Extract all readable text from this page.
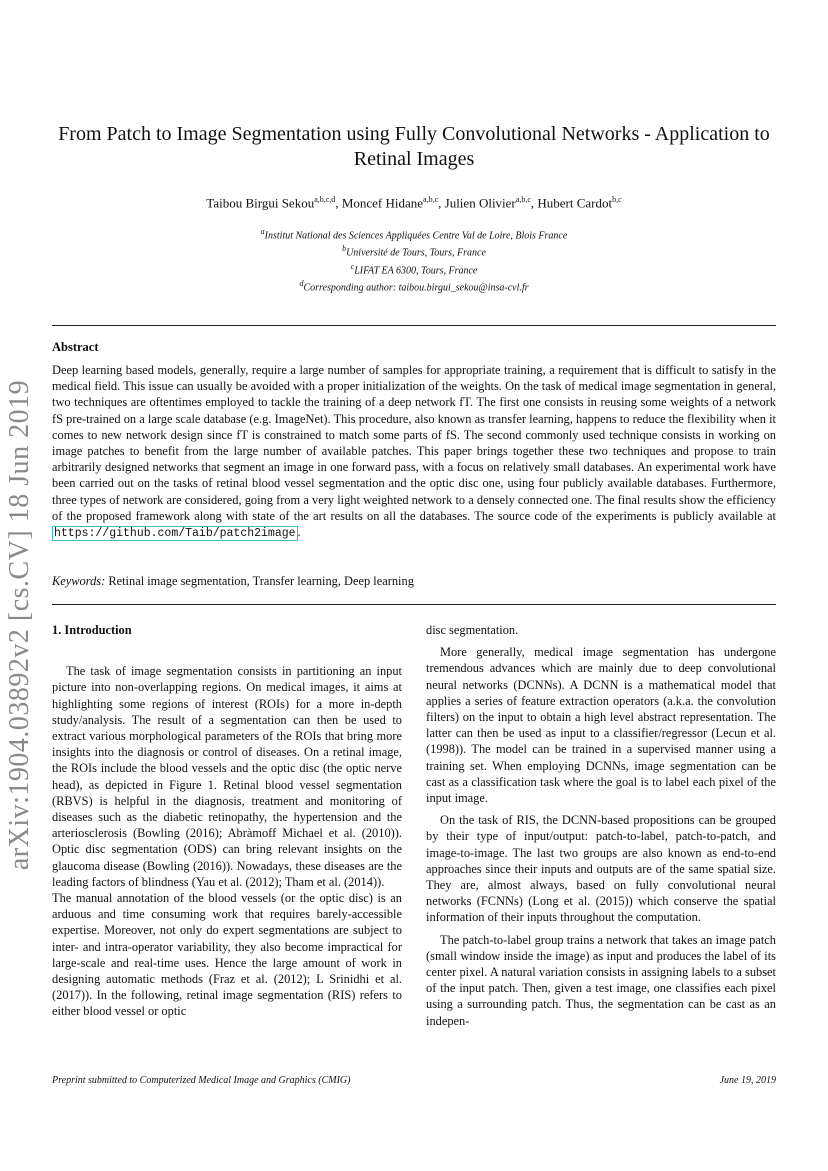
arXiv:1904.03892v2 [cs.CV] 18 Jun 2019
From Patch to Image Segmentation using Fully Convolutional Networks - Application to Retinal Images
Taibou Birgui Sekou$^{a,b,c,d}$, Moncef Hidane$^{a,b,c}$, Julien Olivier$^{a,b,c}$, Hubert Cardot$^{b,c}$
$^a$Institut National des Sciences Appliquées Centre Val de Loire, Blois France
$^b$Université de Tours, Tours, France
$^c$LIFAT EA 6300, Tours, France
$^d$Corresponding author: taibou.birgui_sekou@insa-cvl.fr
Abstract
Deep learning based models, generally, require a large number of samples for appropriate training, a requirement that is difficult to satisfy in the medical field. This issue can usually be avoided with a proper initialization of the weights. On the task of medical image segmentation in general, two techniques are oftentimes employed to tackle the training of a deep network fT. The first one consists in reusing some weights of a network fS pre-trained on a large scale database (e.g. ImageNet). This procedure, also known as transfer learning, happens to reduce the flexibility when it comes to new network design since fT is constrained to match some parts of fS. The second commonly used technique consists in working on image patches to benefit from the large number of available patches. This paper brings together these two techniques and propose to train arbitrarily designed networks that segment an image in one forward pass, with a focus on relatively small databases. An experimental work have been carried out on the tasks of retinal blood vessel segmentation and the optic disc one, using four publicly available databases. Furthermore, three types of network are considered, going from a very light weighted network to a densely connected one. The final results show the efficiency of the proposed framework along with state of the art results on all the databases. The source code of the experiments is publicly available at https://github.com/Taib/patch2image .
Keywords: Retinal image segmentation, Transfer learning, Deep learning

1. Introduction

The task of image segmentation consists in partitioning an input picture into non-overlapping regions. On medical images, it aims at highlighting some regions of interest (ROIs) for a more in-depth study/analysis. The result of a segmentation can then be used to extract various morphological parameters of the ROIs that bring more insights into the diagnosis or control of diseases. On a retinal image, the ROIs include the blood vessels and the optic disc (the optic nerve head), as depicted in Figure 1. Retinal blood vessel segmentation (RBVS) is helpful in the diagnosis, treatment and monitoring of diseases such as the diabetic retinopathy, the hypertension and the arteriosclerosis (Bowling (2016); Abràmoff Michael et al. (2010)). Optic disc segmentation (ODS) can bring relevant insights on the glaucoma disease (Bowling (2016)). Nowadays, these diseases are the leading factors of blindness (Yau et al. (2012); Tham et al. (2014)).

The manual annotation of the blood vessels (or the optic disc) is an arduous and time consuming work that requires barely-accessible expertise. Moreover, not only do expert segmentations are subject to inter- and intra-operator variability, they also become impractical for large-scale and real-time uses. Hence the large amount of work in designing automatic methods (Fraz et al. (2012); L Srinidhi et al. (2017)). In the following, retinal image segmentation (RIS) refers to either blood vessel or optic

disc segmentation.

More generally, medical image segmentation has undergone tremendous advances which are mainly due to deep convolutional neural networks (DCNNs). A DCNN is a mathematical model that applies a series of feature extraction operators (a.k.a. the convolution filters) on the input to obtain a high level abstract representation. The latter can then be used as input to a classifier/regressor (Lecun et al. (1998)). The model can be trained in a supervised manner using a training set. When employing DCNNs, image segmentation can be cast as a classification task where the goal is to label each pixel of the input image.

On the task of RIS, the DCNN-based propositions can be grouped by their type of input/output: patch-to-label, patch-to-patch, and image-to-image. The last two groups are also known as end-to-end approaches since their inputs and outputs are of the same spatial size. They are, almost always, based on fully convolutional neural networks (FCNNs) (Long et al. (2015)) which conserve the spatial information of their inputs throughout the computation.

The patch-to-label group trains a network that takes an image patch (small window inside the image) as input and produces the label of its center pixel. A natural variation consists in assigning labels to a subset of the input patch. Then, given a test image, one classifies each pixel using a surrounding patch. Thus, the segmentation can be cast as an indepen-

Preprint submitted to Computerized Medical Image and Graphics (CMIG)	June 19, 2019
